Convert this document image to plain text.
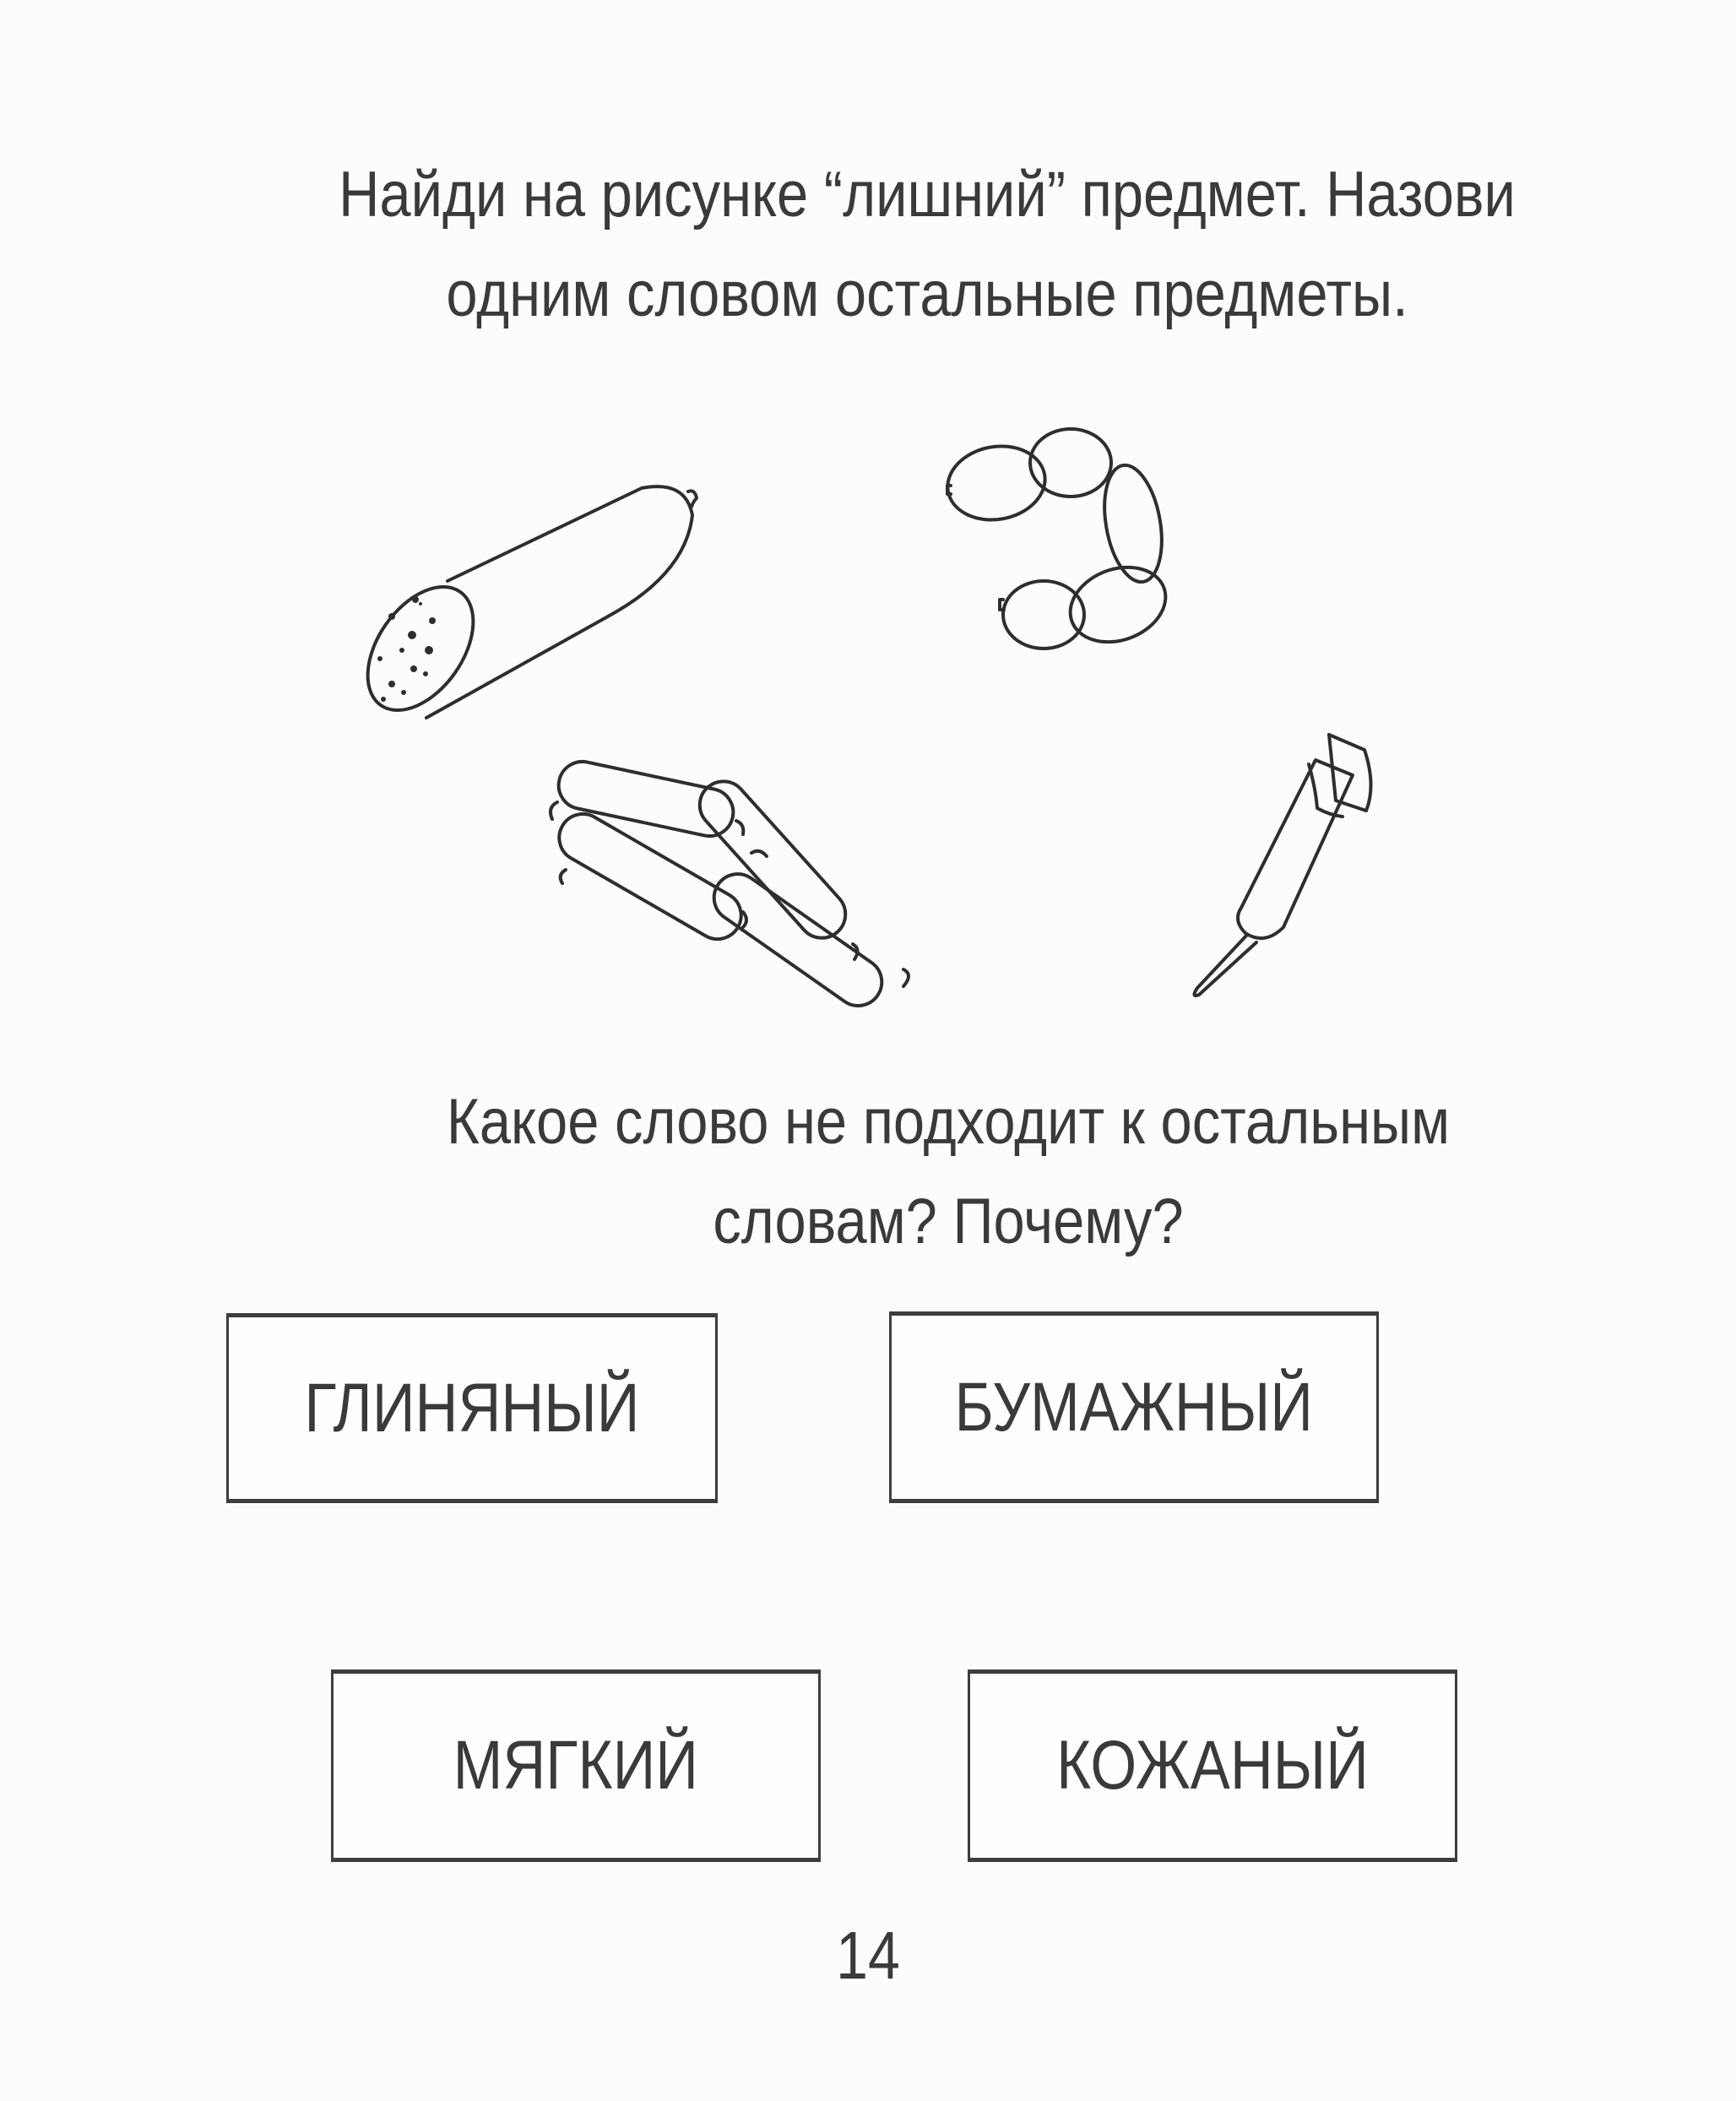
Найди на рисунке “лишний” предмет. Назови
одним словом остальные предметы.
Какое слово не подходит к остальным
словам? Почему?
ГЛИНЯНЫЙ	БУМАЖНЫЙ
МЯГКИЙ	КОЖАНЫЙ
14
